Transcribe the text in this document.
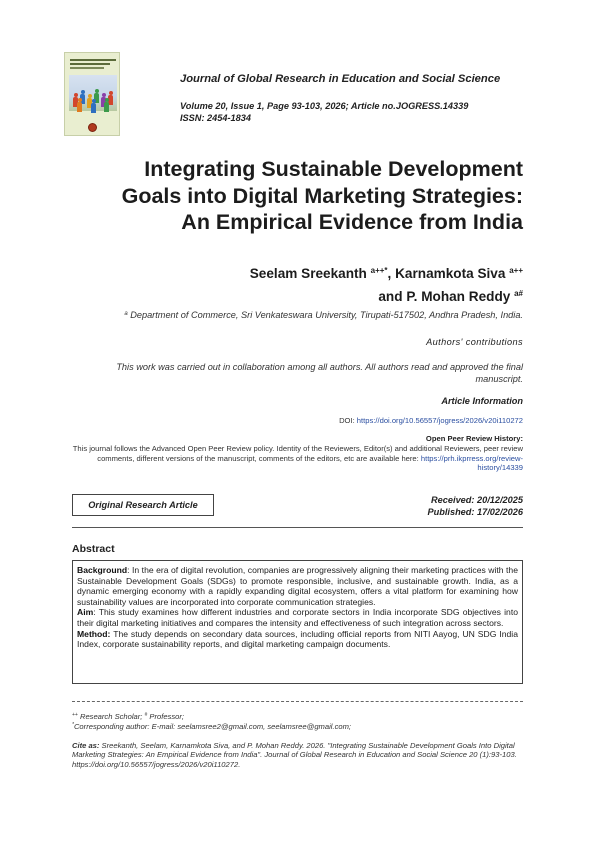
Journal of Global Research in Education and Social Science
Volume 20, Issue 1, Page 93-103, 2026; Article no.JOGRESS.14339
ISSN: 2454-1834
Integrating Sustainable Development
Goals into Digital Marketing Strategies:
An Empirical Evidence from India
Seelam Sreekanth $^{a++*}$, Karnamkota Siva $^{a++}$
and P. Mohan Reddy $^{a\#}$
$^a$ Department of Commerce, Sri Venkateswara University, Tirupati-517502, Andhra Pradesh, India.
Authors' contributions
This work was carried out in collaboration among all authors. All authors read and approved the final manuscript.
Article Information
DOI: https://doi.org/10.56557/jogress/2026/v20i110272
Open Peer Review History:
This journal follows the Advanced Open Peer Review policy. Identity of the Reviewers, Editor(s) and additional Reviewers, peer review comments, different versions of the manuscript, comments of the editors, etc are available here: https://prh.ikprress.org/review-history/14339
Original Research Article	Received: 20/12/2025
Published: 17/02/2026
Abstract

Background: In the era of digital revolution, companies are progressively aligning their marketing practices with the Sustainable Development Goals (SDGs) to promote responsible, inclusive, and sustainable growth. India, as a dynamic emerging economy with a rapidly expanding digital ecosystem, offers a vital platform for examining how sustainability values are incorporated into corporate communication strategies.

Aim: This study examines how different industries and corporate sectors in India incorporate SDG objectives into their digital marketing initiatives and compares the intensity and effectiveness of such integration across sectors.

Method: The study depends on secondary data sources, including official reports from NITI Aayog, UN SDG India Index, corporate sustainability reports, and digital marketing campaign documents.

++ Research Scholar; # Professor;
*Corresponding author: E-mail: seelamsree2@gmail.com, seelamsree@gmail.com;
Cite as: Sreekanth, Seelam, Karnamkota Siva, and P. Mohan Reddy. 2026. "Integrating Sustainable Development Goals Into Digital Marketing Strategies: An Empirical Evidence from India". Journal of Global Research in Education and Social Science 20 (1):93-103. https://doi.org/10.56557/jogress/2026/v20i110272.
